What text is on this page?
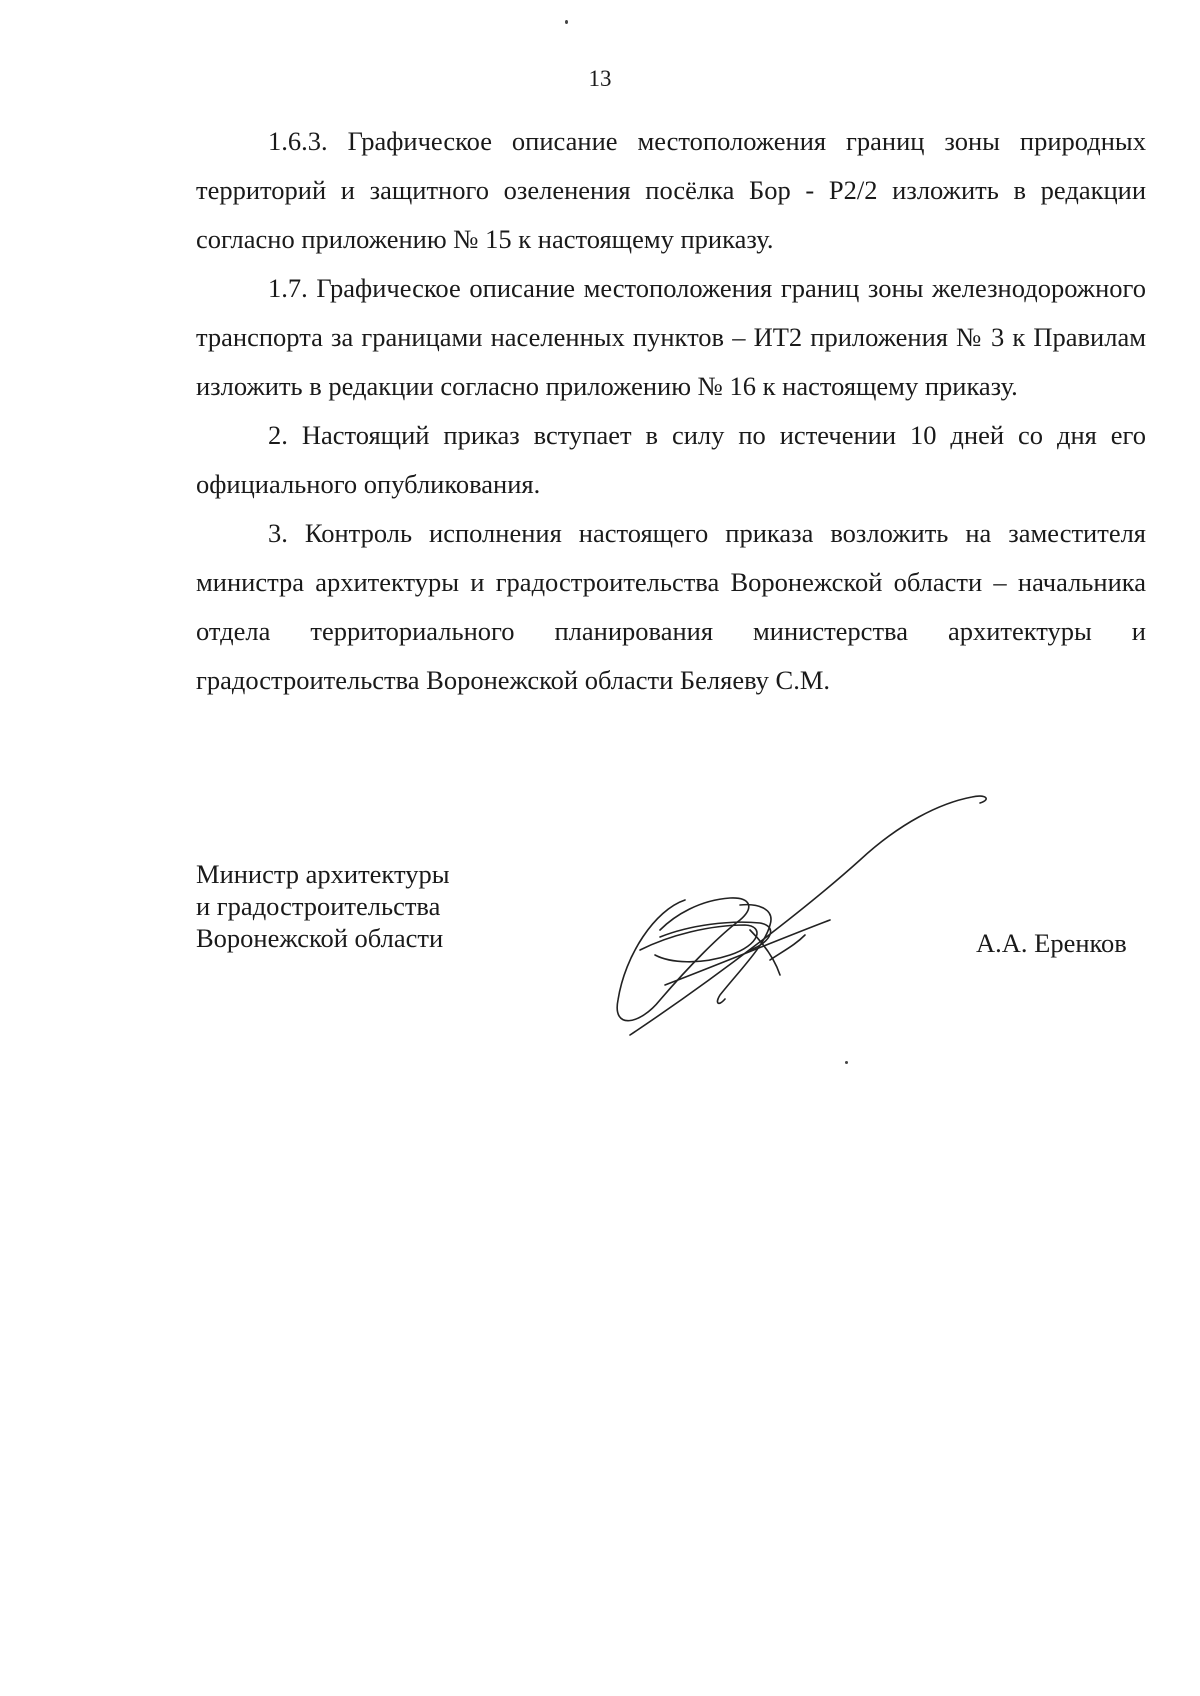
13

1.6.3. Графическое описание местоположения границ зоны природных территорий и защитного озеленения посёлка Бор - Р2/2 изложить в редакции согласно приложению № 15 к настоящему приказу.

1.7. Графическое описание местоположения границ зоны железнодорожного транспорта за границами населенных пунктов – ИТ2 приложения № 3 к Правилам изложить в редакции согласно приложению № 16 к настоящему приказу.

2. Настоящий приказ вступает в силу по истечении 10 дней со дня его официального опубликования.

3. Контроль исполнения настоящего приказа возложить на заместителя министра архитектуры и градостроительства Воронежской области – начальника отдела территориального планирования министерства архитектуры и градостроительства Воронежской области Беляеву С.М.

Министр архитектуры
и градостроительства
Воронежской области	А.А. Еренков
